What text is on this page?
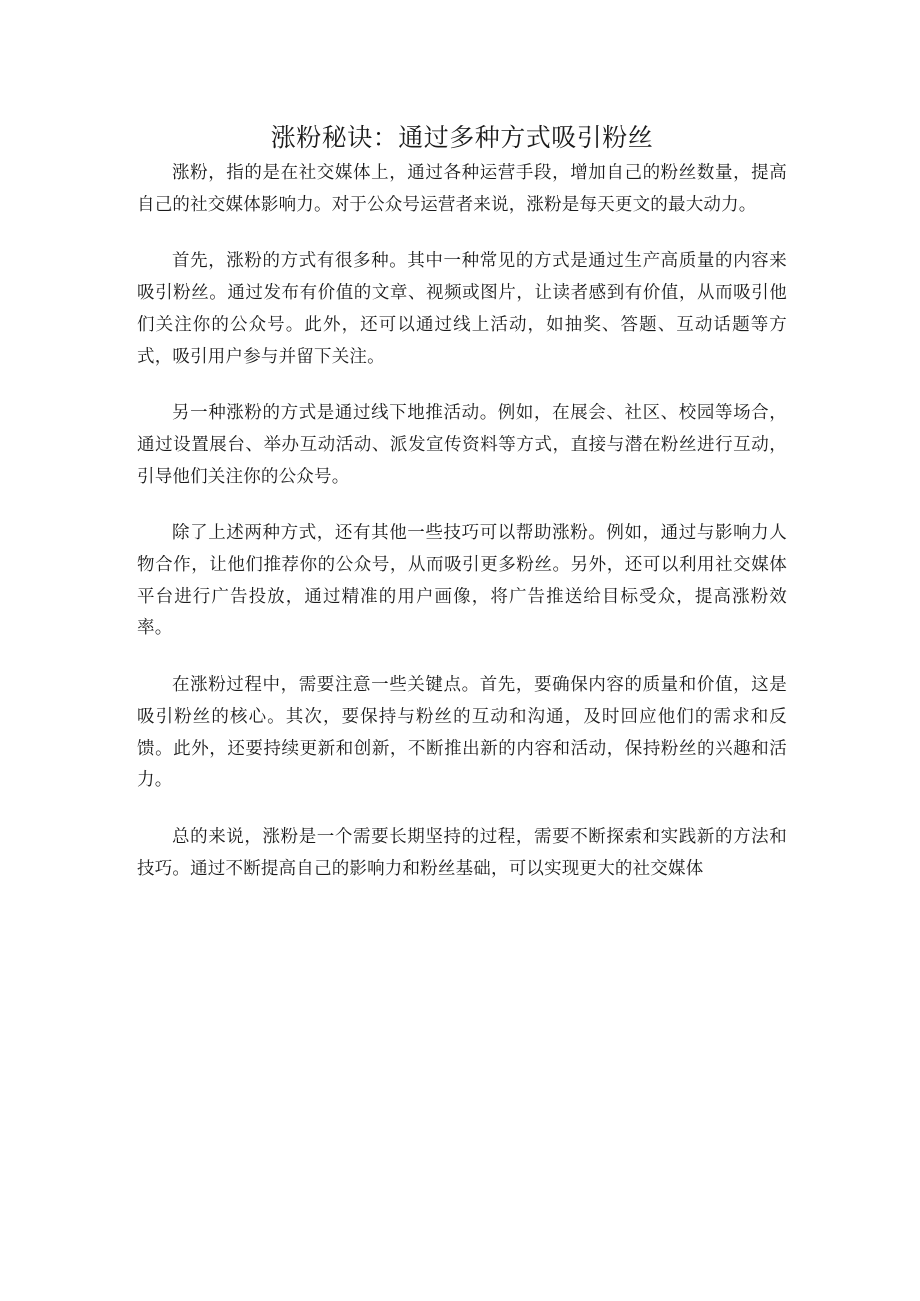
涨粉秘诀：通过多种方式吸引粉丝

涨粉，指的是在社交媒体上，通过各种运营手段，增加自己的粉丝数量，提高自己的社交媒体影响力。对于公众号运营者来说，涨粉是每天更文的最大动力。

首先，涨粉的方式有很多种。其中一种常见的方式是通过生产高质量的内容来吸引粉丝。通过发布有价值的文章、视频或图片，让读者感到有价值，从而吸引他们关注你的公众号。此外，还可以通过线上活动，如抽奖、答题、互动话题等方式，吸引用户参与并留下关注。

另一种涨粉的方式是通过线下地推活动。例如，在展会、社区、校园等场合，通过设置展台、举办互动活动、派发宣传资料等方式，直接与潜在粉丝进行互动，引导他们关注你的公众号。

除了上述两种方式，还有其他一些技巧可以帮助涨粉。例如，通过与影响力人物合作，让他们推荐你的公众号，从而吸引更多粉丝。另外，还可以利用社交媒体平台进行广告投放，通过精准的用户画像，将广告推送给目标受众，提高涨粉效率。

在涨粉过程中，需要注意一些关键点。首先，要确保内容的质量和价值，这是吸引粉丝的核心。其次，要保持与粉丝的互动和沟通，及时回应他们的需求和反馈。此外，还要持续更新和创新，不断推出新的内容和活动，保持粉丝的兴趣和活力。

总的来说，涨粉是一个需要长期坚持的过程，需要不断探索和实践新的方法和技巧。通过不断提高自己的影响力和粉丝基础，可以实现更大的社交媒体
